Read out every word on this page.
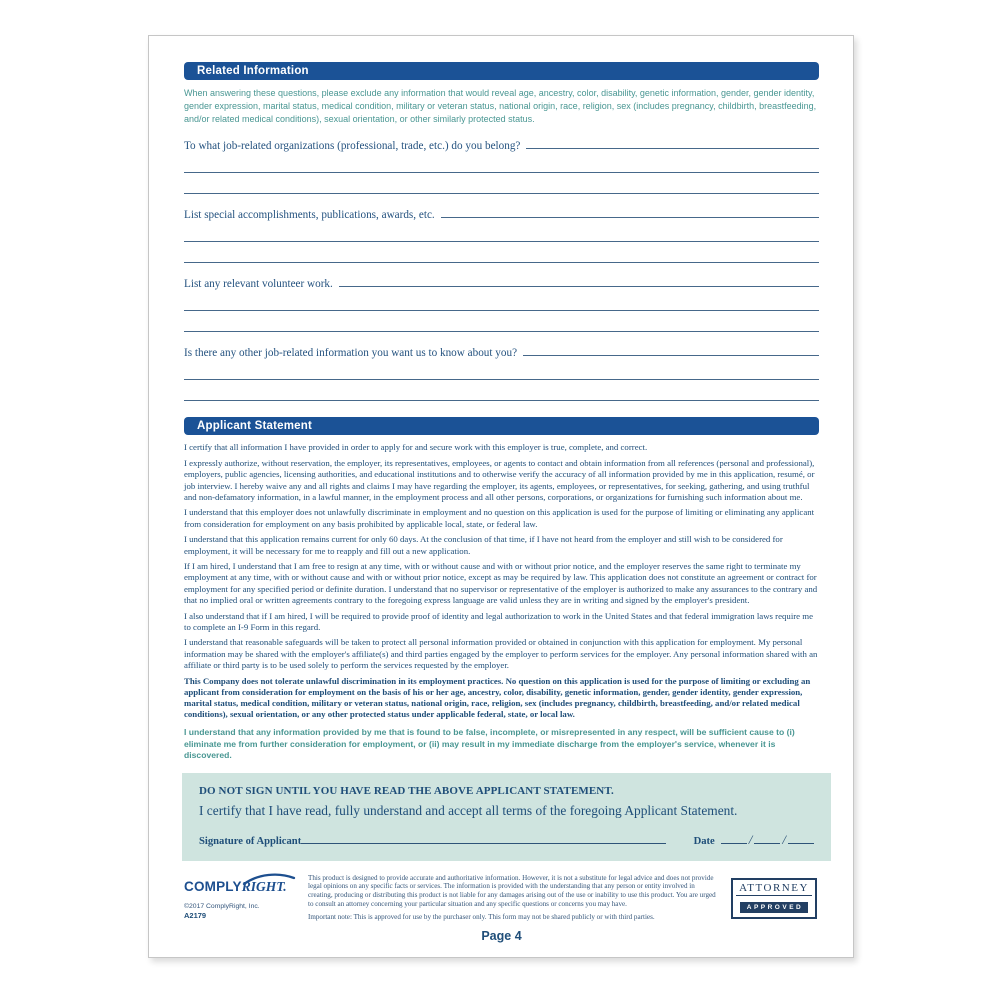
Related Information

When answering these questions, please exclude any information that would reveal age, ancestry, color, disability, genetic information, gender, gender identity, gender expression, marital status, medical condition, military or veteran status, national origin, race, religion, sex (includes pregnancy, childbirth, breastfeeding, and/or related medical conditions), sexual orientation, or other similarly protected status.

To what job-related organizations (professional, trade, etc.) do you belong?
List special accomplishments, publications, awards, etc.
List any relevant volunteer work.
Is there any other job-related information you want us to know about you?
Applicant Statement

I certify that all information I have provided in order to apply for and secure work with this employer is true, complete, and correct.

I expressly authorize, without reservation, the employer, its representatives, employees, or agents to contact and obtain information from all references (personal and professional), employers, public agencies, licensing authorities, and educational institutions and to otherwise verify the accuracy of all information provided by me in this application, resumé, or job interview. I hereby waive any and all rights and claims I may have regarding the employer, its agents, employees, or representatives, for seeking, gathering, and using truthful and non-defamatory information, in a lawful manner, in the employment process and all other persons, corporations, or organizations for furnishing such information about me.

I understand that this employer does not unlawfully discriminate in employment and no question on this application is used for the purpose of limiting or eliminating any applicant from consideration for employment on any basis prohibited by applicable local, state, or federal law.

I understand that this application remains current for only 60 days. At the conclusion of that time, if I have not heard from the employer and still wish to be considered for employment, it will be necessary for me to reapply and fill out a new application.

If I am hired, I understand that I am free to resign at any time, with or without cause and with or without prior notice, and the employer reserves the same right to terminate my employment at any time, with or without cause and with or without prior notice, except as may be required by law. This application does not constitute an agreement or contract for employment for any specified period or definite duration. I understand that no supervisor or representative of the employer is authorized to make any assurances to the contrary and that no implied oral or written agreements contrary to the foregoing express language are valid unless they are in writing and signed by the employer's president.

I also understand that if I am hired, I will be required to provide proof of identity and legal authorization to work in the United States and that federal immigration laws require me to complete an I-9 Form in this regard.

I understand that reasonable safeguards will be taken to protect all personal information provided or obtained in conjunction with this application for employment. My personal information may be shared with the employer's affiliate(s) and third parties engaged by the employer to perform services for the employer. Any personal information shared with an affiliate or third party is to be used solely to perform the services requested by the employer.

This Company does not tolerate unlawful discrimination in its employment practices. No question on this application is used for the purpose of limiting or excluding an applicant from consideration for employment on the basis of his or her age, ancestry, color, disability, genetic information, gender, gender identity, gender expression, marital status, medical condition, military or veteran status, national origin, race, religion, sex (includes pregnancy, childbirth, breastfeeding, and/or related medical conditions), sexual orientation, or any other protected status under applicable federal, state, or local law.

I understand that any information provided by me that is found to be false, incomplete, or misrepresented in any respect, will be sufficient cause to (i) eliminate me from further consideration for employment, or (ii) may result in my immediate discharge from the employer's service, whenever it is discovered.

DO NOT SIGN UNTIL YOU HAVE READ THE ABOVE APPLICANT STATEMENT.
I certify that I have read, fully understand and accept all terms of the foregoing Applicant Statement.
Signature of Applicant	Date	/ /
COMPLYRIGHT.
©2017 ComplyRight, Inc.
A2179

This product is designed to provide accurate and authoritative information. However, it is not a substitute for legal advice and does not provide legal opinions on any specific facts or services. The information is provided with the understanding that any person or entity involved in creating, producing or distributing this product is not liable for any damages arising out of the use or inability to use this product. You are urged to consult an attorney concerning your particular situation and any specific questions or concerns you may have.

Important note: This is approved for use by the purchaser only. This form may not be shared publicly or with third parties.

ATTORNEY
APPROVED
Page 4
